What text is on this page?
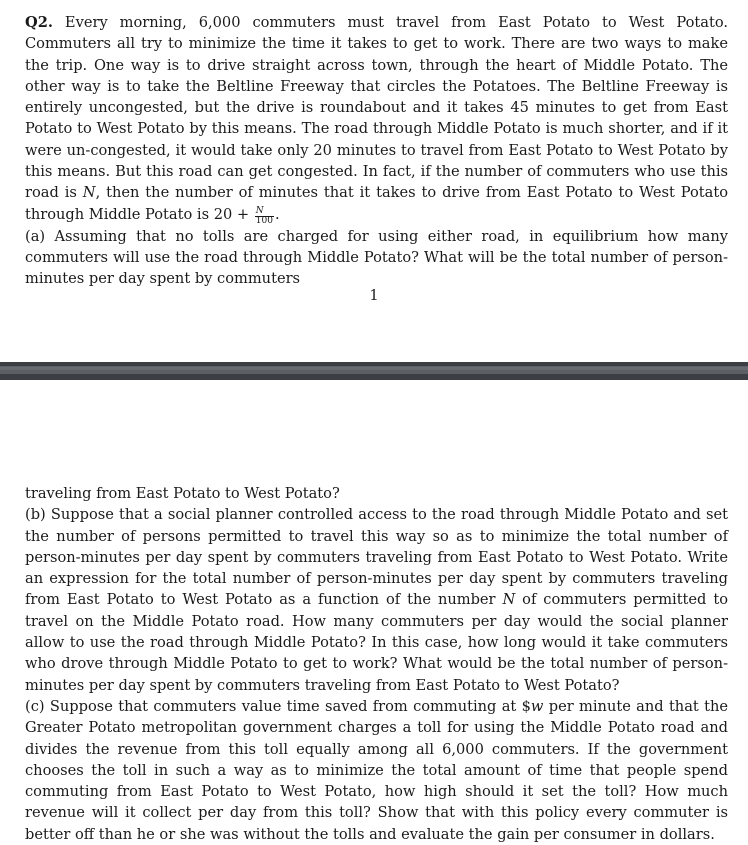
Q2. Every morning, 6,000 commuters must travel from East Potato to West Potato. Commuters all try to minimize the time it takes to get to work. There are two ways to make the trip. One way is to drive straight across town, through the heart of Middle Potato. The other way is to take the Beltline Freeway that circles the Potatoes. The Beltline Freeway is entirely uncongested, but the drive is roundabout and it takes 45 minutes to get from East Potato to West Potato by this means. The road through Middle Potato is much shorter, and if it were un-congested, it would take only 20 minutes to travel from East Potato to West Potato by this means. But this road can get congested. In fact, if the number of commuters who use this road is N, then the number of minutes that it takes to drive from East Potato to West Potato through Middle Potato is $20 + \frac{N}{100}$ .

(a) Assuming that no tolls are charged for using either road, in equilibrium how many commuters will use the road through Middle Potato? What will be the total number of person-minutes per day spent by commuters

1

traveling from East Potato to West Potato?

(b) Suppose that a social planner controlled access to the road through Middle Potato and set the number of persons permitted to travel this way so as to minimize the total number of person-minutes per day spent by commuters traveling from East Potato to West Potato. Write an expression for the total number of person-minutes per day spent by commuters traveling from East Potato to West Potato as a function of the number N of commuters permitted to travel on the Middle Potato road. How many commuters per day would the social planner allow to use the road through Middle Potato? In this case, how long would it take commuters who drove through Middle Potato to get to work? What would be the total number of person-minutes per day spent by commuters traveling from East Potato to West Potato?

(c) Suppose that commuters value time saved from commuting at $w per minute and that the Greater Potato metropolitan government charges a toll for using the Middle Potato road and divides the revenue from this toll equally among all 6,000 commuters. If the government chooses the toll in such a way as to minimize the total amount of time that people spend commuting from East Potato to West Potato, how high should it set the toll? How much revenue will it collect per day from this toll? Show that with this policy every commuter is better off than he or she was without the tolls and evaluate the gain per consumer in dollars.
